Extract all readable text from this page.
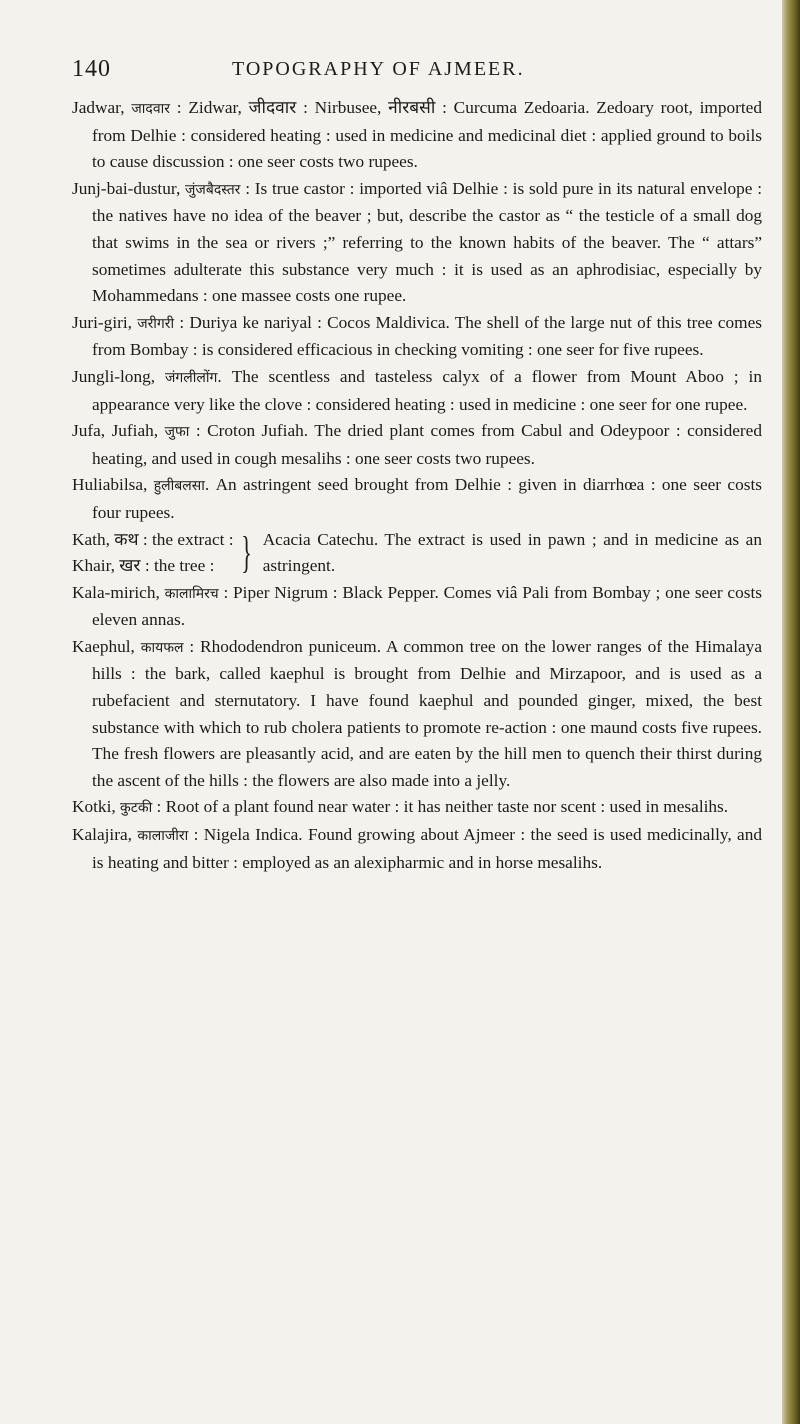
140	TOPOGRAPHY OF AJMEER.

Jadwar, जादवार : Zidwar, जीदवार : Nirbusee, नीरबसी : Curcuma Zedoaria. Zedoary root, imported from Delhie : considered heating : used in medicine and medicinal diet : applied ground to boils to cause discussion : one seer costs two rupees.

Junj-bai-dustur, जुंजबैदस्तर : Is true castor : imported viâ Delhie : is sold pure in its natural envelope : the natives have no idea of the beaver ; but, describe the castor as “ the testicle of a small dog that swims in the sea or rivers ;” referring to the known habits of the beaver. The “ attars” sometimes adulterate this substance very much : it is used as an aphrodisiac, especially by Mohammedans : one massee costs one rupee.

Juri-giri, जरीगरी : Duriya ke nariyal : Cocos Maldivica. The shell of the large nut of this tree comes from Bombay : is considered efficacious in checking vomiting : one seer for five rupees.

Jungli-long, जंगलीलोंग. The scentless and tasteless calyx of a flower from Mount Aboo ; in appearance very like the clove : considered heating : used in medicine : one seer for one rupee.

Jufa, Jufiah, जुफा : Croton Jufiah. The dried plant comes from Cabul and Odeypoor : considered heating, and used in cough mesalihs : one seer costs two rupees.

Huliabilsa, हुलीबलसा. An astringent seed brought from Delhie : given in diarrhœa : one seer costs four rupees.

Kath, कथ : the extract :
Khair, खर : the tree : } Acacia Catechu. The extract is used in pawn ; and in medicine as an astringent.

Kala-mirich, कालामिरच : Piper Nigrum : Black Pepper. Comes viâ Pali from Bombay ; one seer costs eleven annas.

Kaephul, कायफल : Rhododendron puniceum. A common tree on the lower ranges of the Himalaya hills : the bark, called kaephul is brought from Delhie and Mirzapoor, and is used as a rubefacient and sternutatory. I have found kaephul and pounded ginger, mixed, the best substance with which to rub cholera patients to promote re-action : one maund costs five rupees. The fresh flowers are pleasantly acid, and are eaten by the hill men to quench their thirst during the ascent of the hills : the flowers are also made into a jelly.

Kotki, कुटकी : Root of a plant found near water : it has neither taste nor scent : used in mesalihs.

Kalajira, कालाजीरा : Nigela Indica. Found growing about Ajmeer : the seed is used medicinally, and is heating and bitter : employed as an alexipharmic and in horse mesalihs.
